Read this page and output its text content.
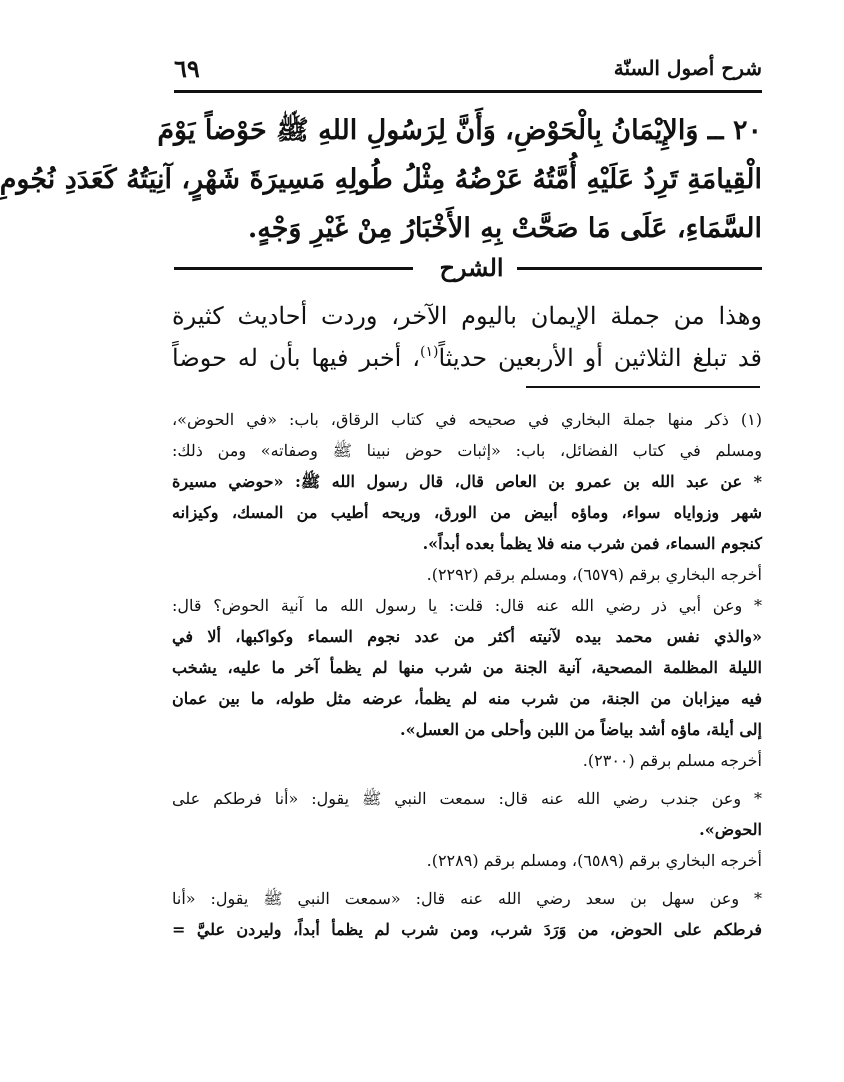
شرح أصول السنّة
٦٩
٢٠ ــ وَالإِيْمَانُ بِالْحَوْضِ، وَأَنَّ لِرَسُولِ اللهِ ﷺ حَوْضاً يَوْمَ
الْقِيامَةِ تَرِدُ عَلَيْهِ أُمَّتُهُ عَرْضُهُ مِثْلُ طُولِهِ مَسِيرَةَ شَهْرٍ، آنِيَتُهُ كَعَدَدِ نُجُومِ
السَّمَاءِ، عَلَى مَا صَحَّتْ بِهِ الأَخْبَارُ مِنْ غَيْرِ وَجْهٍ.
الشرح
وهذا من جملة الإيمان باليوم الآخر، وردت أحاديث كثيرة
قد تبلغ الثلاثين أو الأربعين حديثاً(١)، أخبر فيها بأن له حوضاً
(١) ذكر منها جملة البخاري في صحيحه في كتاب الرقاق، باب: «في الحوض»،
ومسلم في كتاب الفضائل، باب: «إثبات حوض نبينا ﷺ وصفاته» ومن ذلك:
* عن عبد الله بن عمرو بن العاص قال، قال رسول الله ﷺ: «حوضي مسيرة
شهر وزواياه سواء، وماؤه أبيض من الورق، وريحه أطيب من المسك، وكيزانه
كنجوم السماء، فمن شرب منه فلا يظمأ بعده أبداً».
أخرجه البخاري برقم (٦٥٧٩)، ومسلم برقم (٢٢٩٢).
* وعن أبي ذر رضي الله عنه قال: قلت: يا رسول الله ما آنية الحوض؟ قال:
«والذي نفس محمد بيده لآنيته أكثر من عدد نجوم السماء وكواكبها، ألا في
الليلة المظلمة المصحية، آنية الجنة من شرب منها لم يظمأ آخر ما عليه، يشخب
فيه ميزابان من الجنة، من شرب منه لم يظمأ، عرضه مثل طوله، ما بين عمان
إلى أيلة، ماؤه أشد بياضاً من اللبن وأحلى من العسل».
أخرجه مسلم برقم (٢٣٠٠).
* وعن جندب رضي الله عنه قال: سمعت النبي ﷺ يقول: «أنا فرطكم على
الحوض».
أخرجه البخاري برقم (٦٥٨٩)، ومسلم برقم (٢٢٨٩).
* وعن سهل بن سعد رضي الله عنه قال: «سمعت النبي ﷺ يقول: «أنا
فرطكم على الحوض، من وَرَدَ شرب، ومن شرب لم يظمأ أبداً، وليردن عليَّ =
